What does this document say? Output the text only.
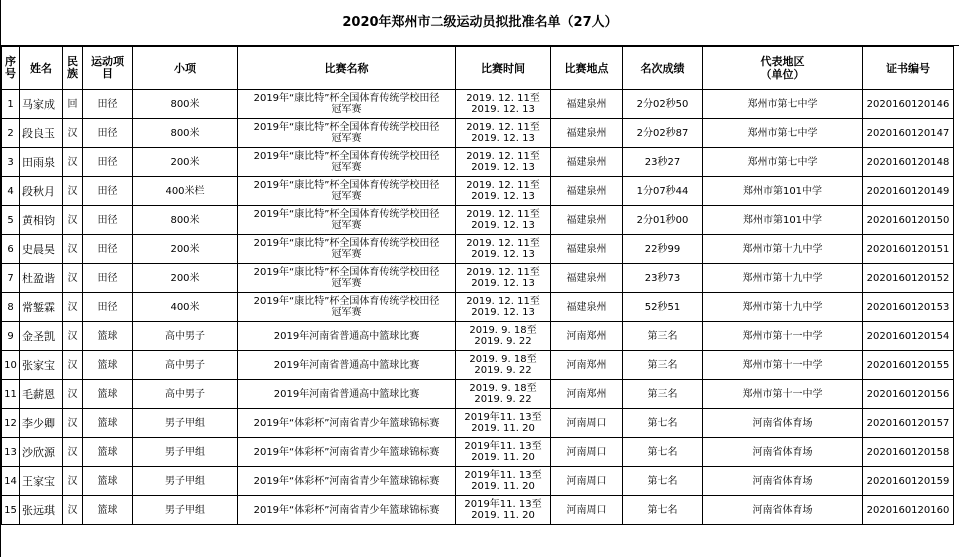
2020年郑州市二级运动员拟批准名单（27人）
序
号	姓名	民
族	运动项
目	小项	比赛名称	比赛时间	比赛地点	名次成绩	代表地区
（单位）	证书编号
1	马家成	回	田径	800米	2019年“康比特”杯全国体育传统学校田径
冠军赛	2019. 12. 11至
2019. 12. 13	福建泉州	2分02秒50	郑州市第七中学	2020160120146
2	段良玉	汉	田径	800米	2019年“康比特”杯全国体育传统学校田径
冠军赛	2019. 12. 11至
2019. 12. 13	福建泉州	2分02秒87	郑州市第七中学	2020160120147
3	田雨泉	汉	田径	200米	2019年“康比特”杯全国体育传统学校田径
冠军赛	2019. 12. 11至
2019. 12. 13	福建泉州	23秒27	郑州市第七中学	2020160120148
4	段秋月	汉	田径	400米栏	2019年“康比特”杯全国体育传统学校田径
冠军赛	2019. 12. 11至
2019. 12. 13	福建泉州	1分07秒44	郑州市第101中学	2020160120149
5	黄相钧	汉	田径	800米	2019年“康比特”杯全国体育传统学校田径
冠军赛	2019. 12. 11至
2019. 12. 13	福建泉州	2分01秒00	郑州市第101中学	2020160120150
6	史晨昊	汉	田径	200米	2019年“康比特”杯全国体育传统学校田径
冠军赛	2019. 12. 11至
2019. 12. 13	福建泉州	22秒99	郑州市第十九中学	2020160120151
7	杜盈谐	汉	田径	200米	2019年“康比特”杯全国体育传统学校田径
冠军赛	2019. 12. 11至
2019. 12. 13	福建泉州	23秒73	郑州市第十九中学	2020160120152
8	常錾霖	汉	田径	400米	2019年“康比特”杯全国体育传统学校田径
冠军赛	2019. 12. 11至
2019. 12. 13	福建泉州	52秒51	郑州市第十九中学	2020160120153
9	金圣凯	汉	篮球	高中男子	2019年河南省普通高中篮球比赛	2019. 9. 18至
2019. 9. 22	河南郑州	第三名	郑州市第十一中学	2020160120154
10	张家宝	汉	篮球	高中男子	2019年河南省普通高中篮球比赛	2019. 9. 18至
2019. 9. 22	河南郑州	第三名	郑州市第十一中学	2020160120155
11	毛薪恩	汉	篮球	高中男子	2019年河南省普通高中篮球比赛	2019. 9. 18至
2019. 9. 22	河南郑州	第三名	郑州市第十一中学	2020160120156
12	李少卿	汉	篮球	男子甲组	2019年“体彩杯”河南省青少年篮球锦标赛	2019年11. 13至
2019. 11. 20	河南周口	第七名	河南省体育场	2020160120157
13	沙欣源	汉	篮球	男子甲组	2019年“体彩杯”河南省青少年篮球锦标赛	2019年11. 13至
2019. 11. 20	河南周口	第七名	河南省体育场	2020160120158
14	王家宝	汉	篮球	男子甲组	2019年“体彩杯”河南省青少年篮球锦标赛	2019年11. 13至
2019. 11. 20	河南周口	第七名	河南省体育场	2020160120159
15	张远琪	汉	篮球	男子甲组	2019年“体彩杯”河南省青少年篮球锦标赛	2019年11. 13至
2019. 11. 20	河南周口	第七名	河南省体育场	2020160120160
